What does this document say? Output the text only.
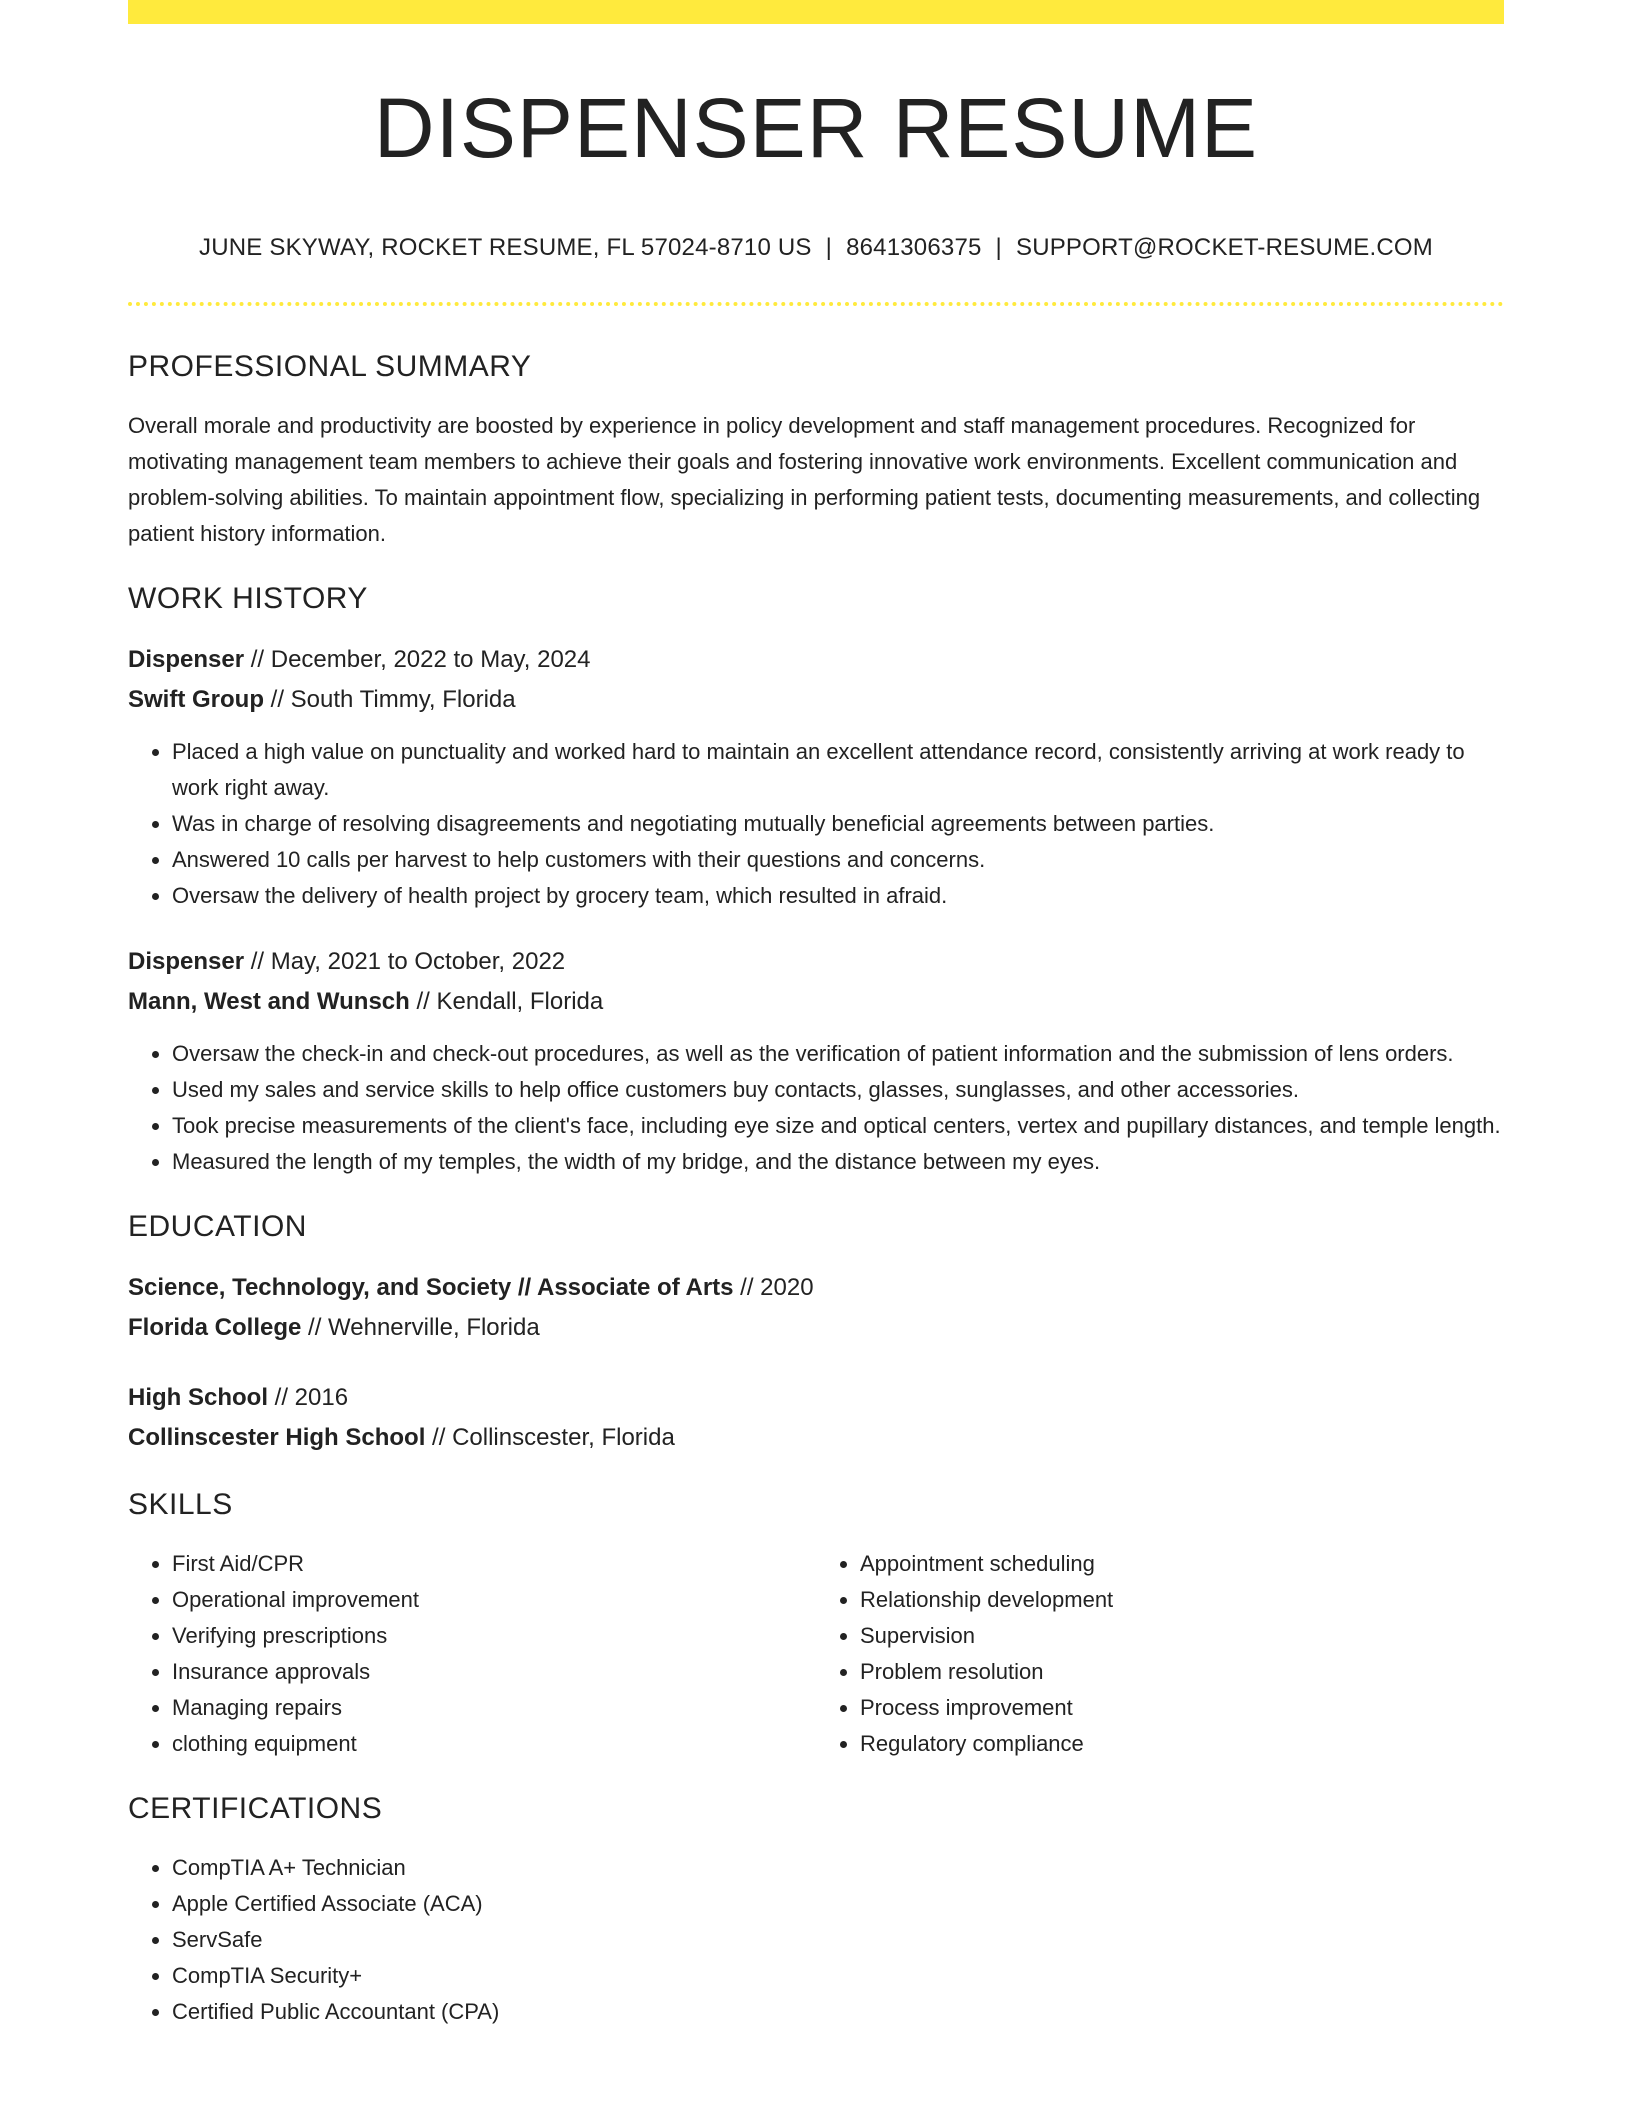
DISPENSER RESUME
JUNE SKYWAY, ROCKET RESUME, FL 57024-8710 US | 8641306375 | SUPPORT@ROCKET-RESUME.COM
PROFESSIONAL SUMMARY

Overall morale and productivity are boosted by experience in policy development and staff management procedures. Recognized for motivating management team members to achieve their goals and fostering innovative work environments. Excellent communication and problem-solving abilities. To maintain appointment flow, specializing in performing patient tests, documenting measurements, and collecting patient history information.

WORK HISTORY

Dispenser // December, 2022 to May, 2024

Swift Group // South Timmy, Florida

• Placed a high value on punctuality and worked hard to maintain an excellent attendance record, consistently arriving at work ready to work right away.
• Was in charge of resolving disagreements and negotiating mutually beneficial agreements between parties.
• Answered 10 calls per harvest to help customers with their questions and concerns.
• Oversaw the delivery of health project by grocery team, which resulted in afraid.

Dispenser // May, 2021 to October, 2022

Mann, West and Wunsch // Kendall, Florida

• Oversaw the check-in and check-out procedures, as well as the verification of patient information and the submission of lens orders.
• Used my sales and service skills to help office customers buy contacts, glasses, sunglasses, and other accessories.
• Took precise measurements of the client's face, including eye size and optical centers, vertex and pupillary distances, and temple length.
• Measured the length of my temples, the width of my bridge, and the distance between my eyes.
EDUCATION

Science, Technology, and Society // Associate of Arts // 2020

Florida College // Wehnerville, Florida

High School // 2016

Collinscester High School // Collinscester, Florida

SKILLS
• First Aid/CPR
• Operational improvement
• Verifying prescriptions
• Insurance approvals
• Managing repairs
• clothing equipment
• Appointment scheduling
• Relationship development
• Supervision
• Problem resolution
• Process improvement
• Regulatory compliance
CERTIFICATIONS
• CompTIA A+ Technician
• Apple Certified Associate (ACA)
• ServSafe
• CompTIA Security+
• Certified Public Accountant (CPA)
